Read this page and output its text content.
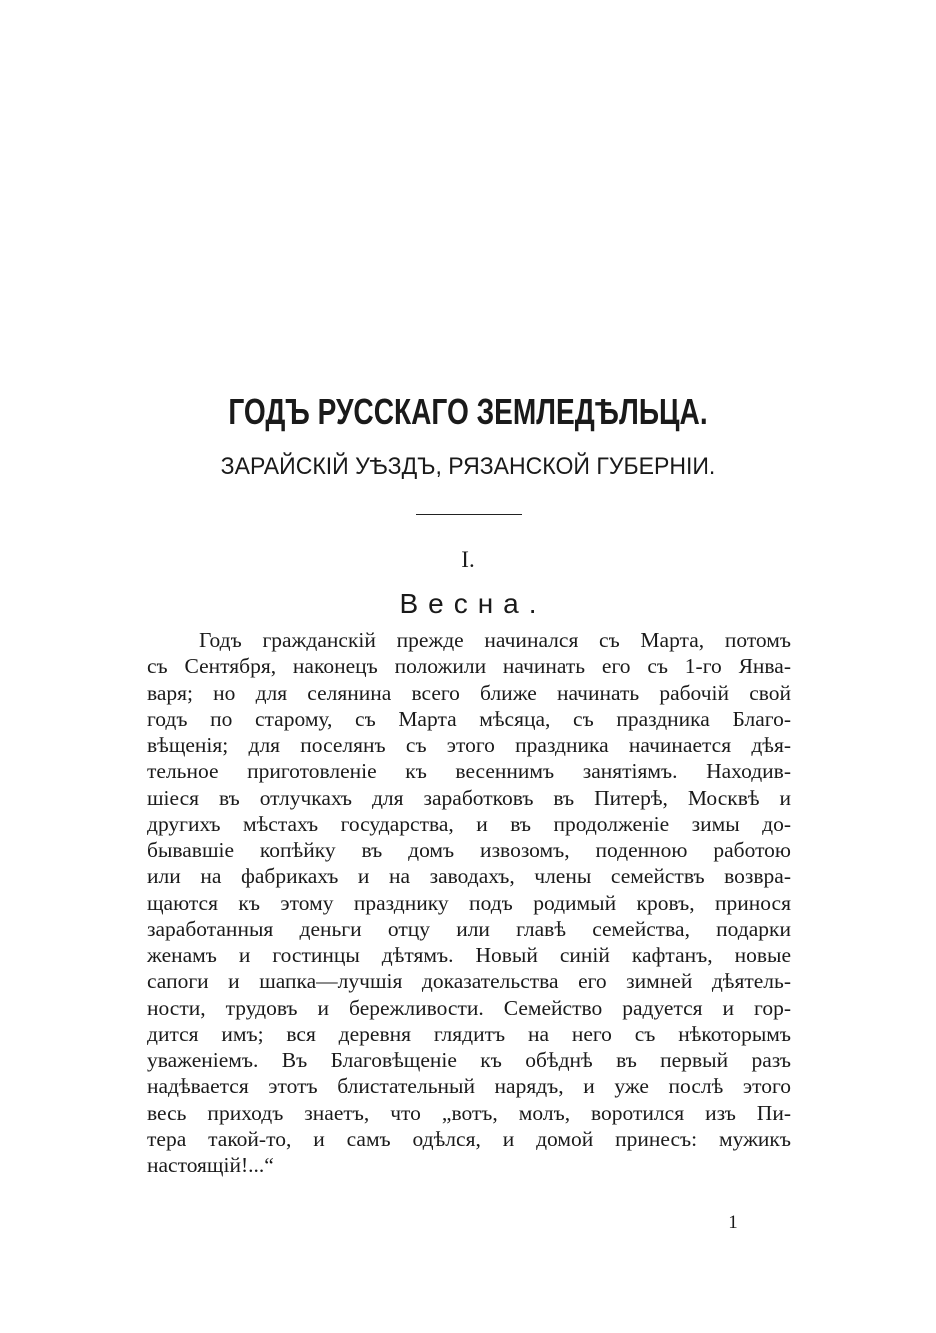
ГОДЪ РУССКАГО ЗЕМЛЕДѢЛЬЦА.
ЗАРАЙСКІЙ УѢЗДЪ, РЯЗАНСКОЙ ГУБЕРНІИ.
I.
Весна.
Годъ гражданскій прежде начинался съ Марта, потомъ
съ Сентября, наконецъ положили начинать его съ 1-го Янва-
варя; но для селянина всего ближе начинать рабочій свой
годъ по старому, съ Марта мѣсяца, съ праздника Благо-
вѣщенія; для поселянъ съ этого праздника начинается дѣя-
тельное приготовленіе къ весеннимъ занятіямъ. Находив-
шіеся въ отлучкахъ для заработковъ въ Питерѣ, Москвѣ и
другихъ мѣстахъ государства, и въ продолженіе зимы до-
бывавшіе копѣйку въ домъ извозомъ, поденною работою
или на фабрикахъ и на заводахъ, члены семействъ возвра-
щаются къ этому празднику подъ родимый кровъ, принося
заработанныя деньги отцу или главѣ семейства, подарки
женамъ и гостинцы дѣтямъ. Новый синій кафтанъ, новые
сапоги и шапка—лучшія доказательства его зимней дѣятель-
ности, трудовъ и бережливости. Семейство радуется и гор-
дится имъ; вся деревня глядитъ на него съ нѣкоторымъ
уваженіемъ. Въ Благовѣщеніе къ обѣднѣ въ первый разъ
надѣвается этотъ блистательный нарядъ, и уже послѣ этого
весь приходъ знаетъ, что „вотъ, молъ, воротился изъ Пи-
тера такой-то, и самъ одѣлся, и домой принесъ: мужикъ
настоящій!...“
1
